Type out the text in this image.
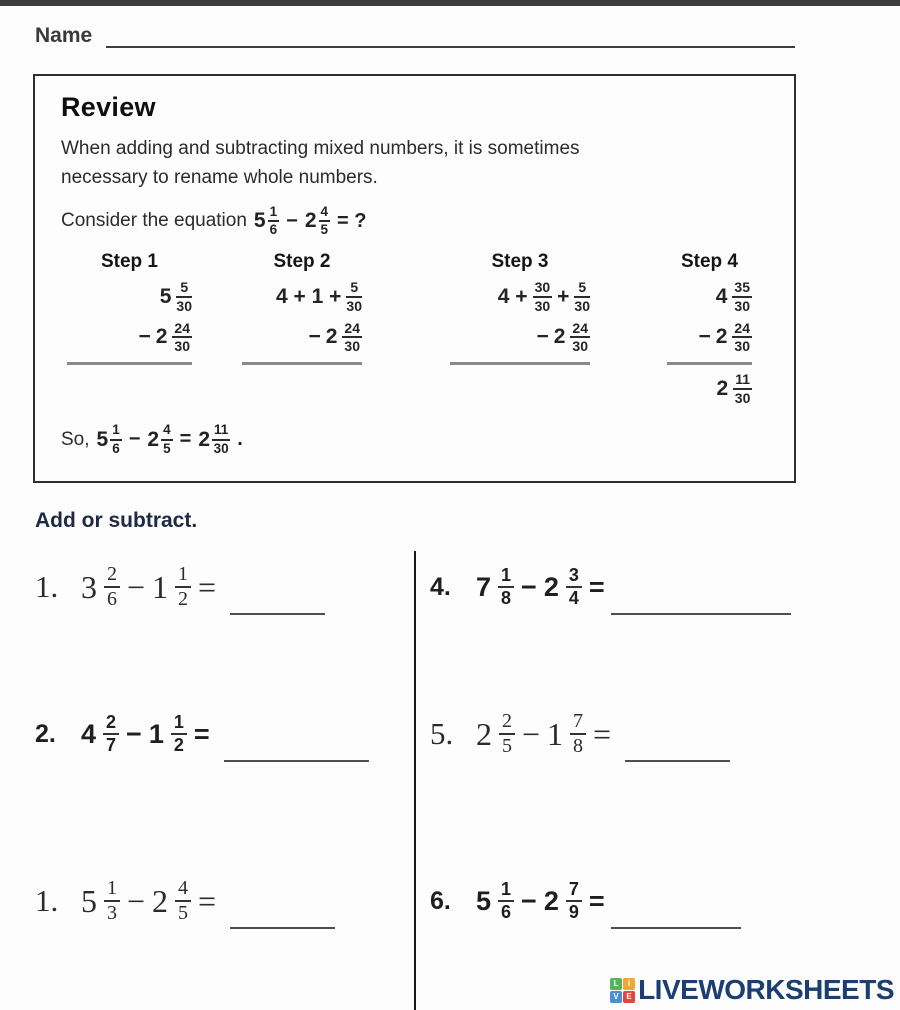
Name
Review
When adding and subtracting mixed numbers, it is sometimes
necessary to rename whole numbers.
Consider the equation $5 \frac{1}{6} - 2 \frac{4}{5}$ = ?
Step 1
$5 \frac{5}{30}$
− $2 \frac{24}{30}$
Step 2
$4 + 1 + \frac{5}{30}$
− $2 \frac{24}{30}$
Step 3
$4 + \frac{30}{30} + \frac{5}{30}$
− $2 \frac{24}{30}$
Step 4
$4 \frac{35}{30}$
− $2 \frac{24}{30}$
$2 \frac{11}{30}$
So, $5 \frac{1}{6} - 2 \frac{4}{5} = 2 \frac{11}{30}$ .
Add or subtract.
1. $3 \frac{2}{6} - 1 \frac{1}{2}$ =
2. $4 \frac{2}{7} - 1 \frac{1}{2}$ =
1. $5 \frac{1}{3} - 2 \frac{4}{5}$ =
4. $7 \frac{1}{8} - 2 \frac{3}{4}$ =
5. $2 \frac{2}{5} - 1 \frac{7}{8}$ =
6. $5 \frac{1}{6} - 2 \frac{7}{9}$ =
L	I
V E LIVEWORKSHEETS
